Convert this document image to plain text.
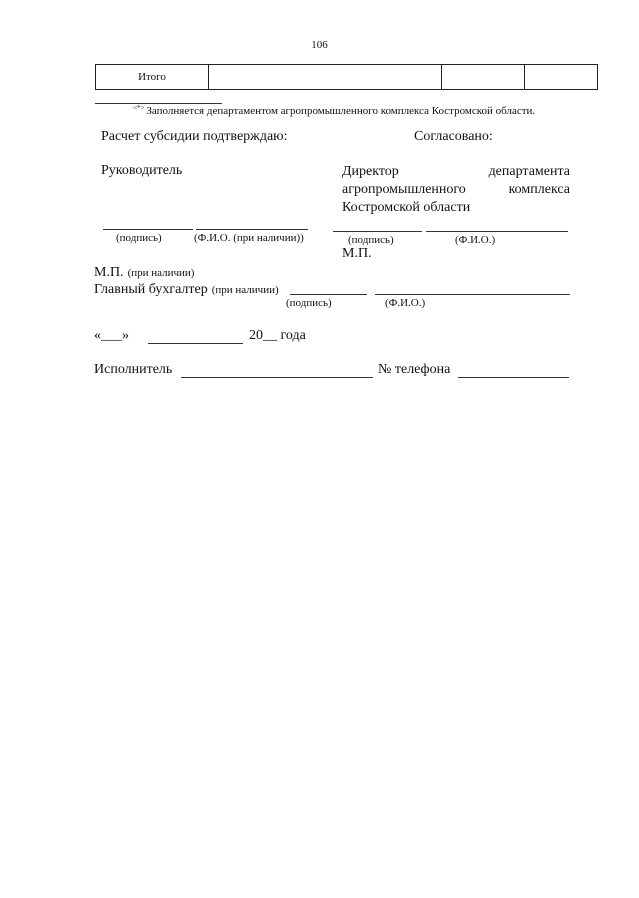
106
Итого			
<*> Заполняется департаментом агропромышленного комплекса Костромской области.
Расчет субсидии подтверждаю:	Согласовано:
Руководитель	Директор	департамента
агропромышленного	комплекса
Костромской области
(подпись)	(Ф.И.О. (при наличии))	(подпись)	(Ф.И.О.)
М.П.
М.П. (при наличии)
Главный бухгалтер (при наличии)
(подпись)	(Ф.И.О.)
«___»	20__ года
Исполнитель	№ телефона
